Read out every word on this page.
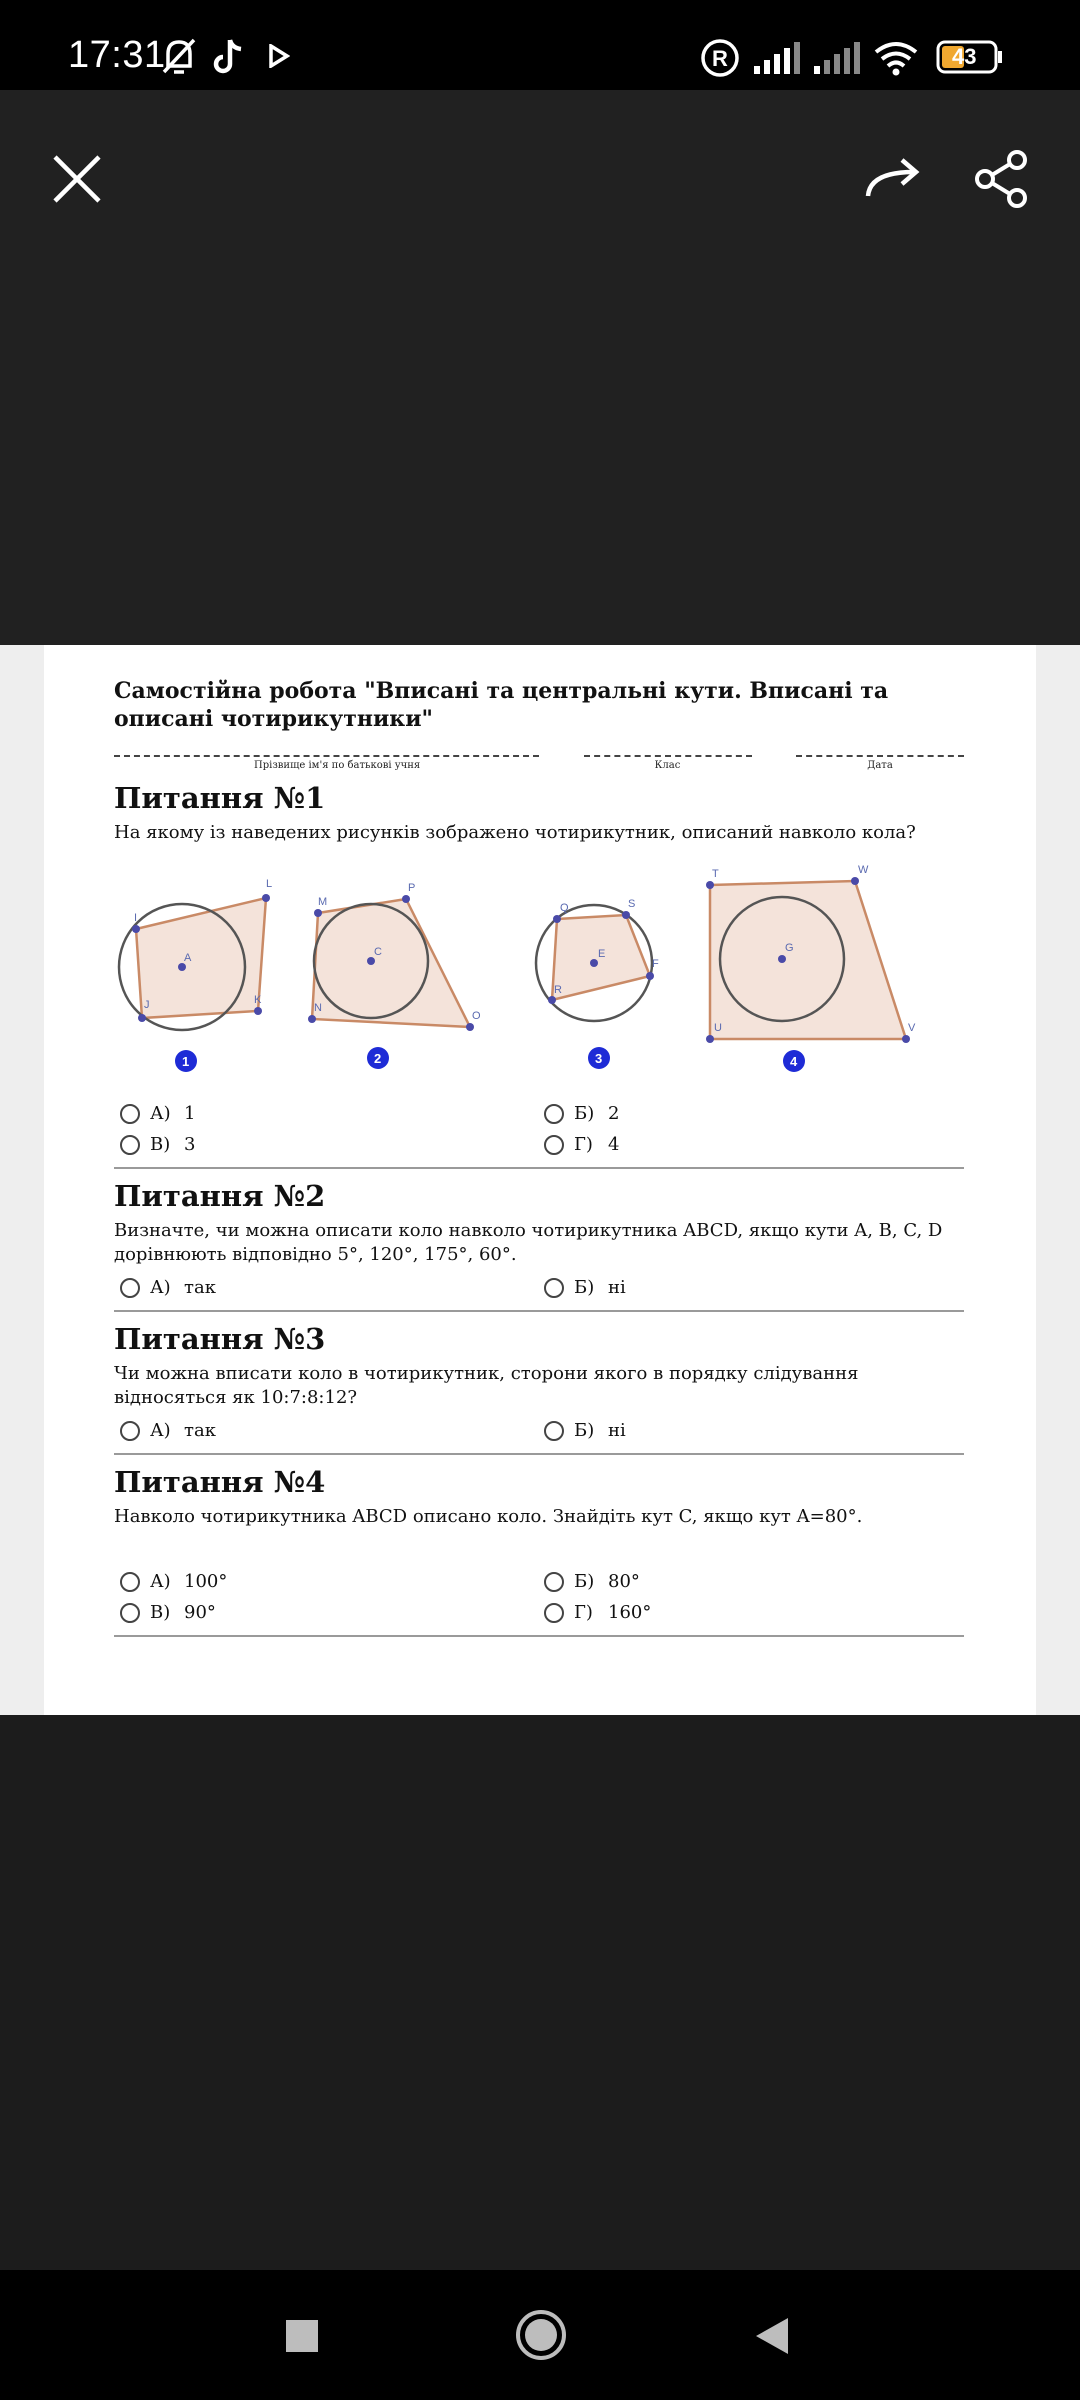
17:31	R	43
Самостійна робота "Вписані та центральні кути. Вписані та описані чотирикутники"
Прізвище ім'я по батькові учня	Клас	Дата
Питання №1

На якому із наведених рисунків зображено чотирикутник, описаний навколо кола?

L
I
A
J	K
1
M
P
C
N
O
2
Q	S
E
F
R
3
T	W
G
U	V
4
А) 1	Б) 2
В) 3	Г) 4
Питання №2

Визначте, чи можна описати коло навколо чотирикутника ABCD, якщо кути A, B, C, D дорівнюють відповідно 5°, 120°, 175°, 60°.

А) так	Б) ні
Питання №3

Чи можна вписати коло в чотирикутник, сторони якого в порядку слідування відносяться як 10:7:8:12?

А) так	Б) ні
Питання №4

Навколо чотирикутника ABCD описано коло. Знайдіть кут C, якщо кут A=80°.

А) 100°	Б) 80°
В) 90°	Г) 160°
